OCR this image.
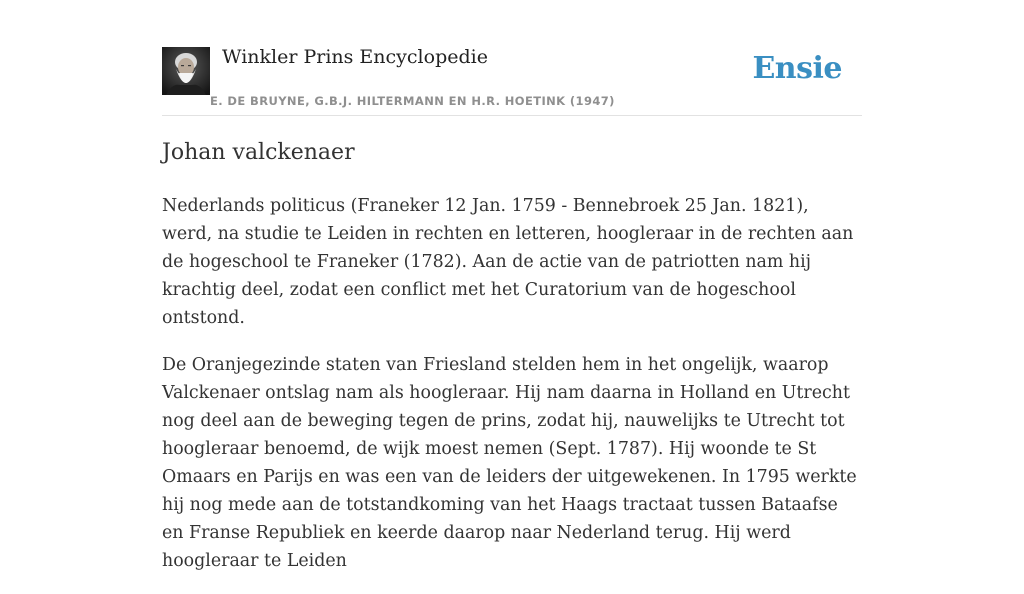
Winkler Prins Encyclopedie
E. DE BRUYNE, G.B.J. HILTERMANN EN H.R. HOETINK (1947)
Ensie
Johan valckenaer

Nederlands politicus (Franeker 12 Jan. 1759 - Bennebroek 25 Jan. 1821), werd, na studie te Leiden in rechten en letteren, hoogleraar in de rechten aan de hogeschool te Franeker (1782). Aan de actie van de patriotten nam hij krachtig deel, zodat een conflict met het Curatorium van de hogeschool ontstond.

De Oranjegezinde staten van Friesland stelden hem in het ongelijk, waarop Valckenaer ontslag nam als hoogleraar. Hij nam daarna in Holland en Utrecht nog deel aan de beweging tegen de prins, zodat hij, nauwelijks te Utrecht tot hoogleraar benoemd, de wijk moest nemen (Sept. 1787). Hij woonde te St Omaars en Parijs en was een van de leiders der uitgewekenen. In 1795 werkte hij nog mede aan de totstandkoming van het Haags tractaat tussen Bataafse en Franse Republiek en keerde daarop naar Nederland terug. Hij werd hoogleraar te Leiden
